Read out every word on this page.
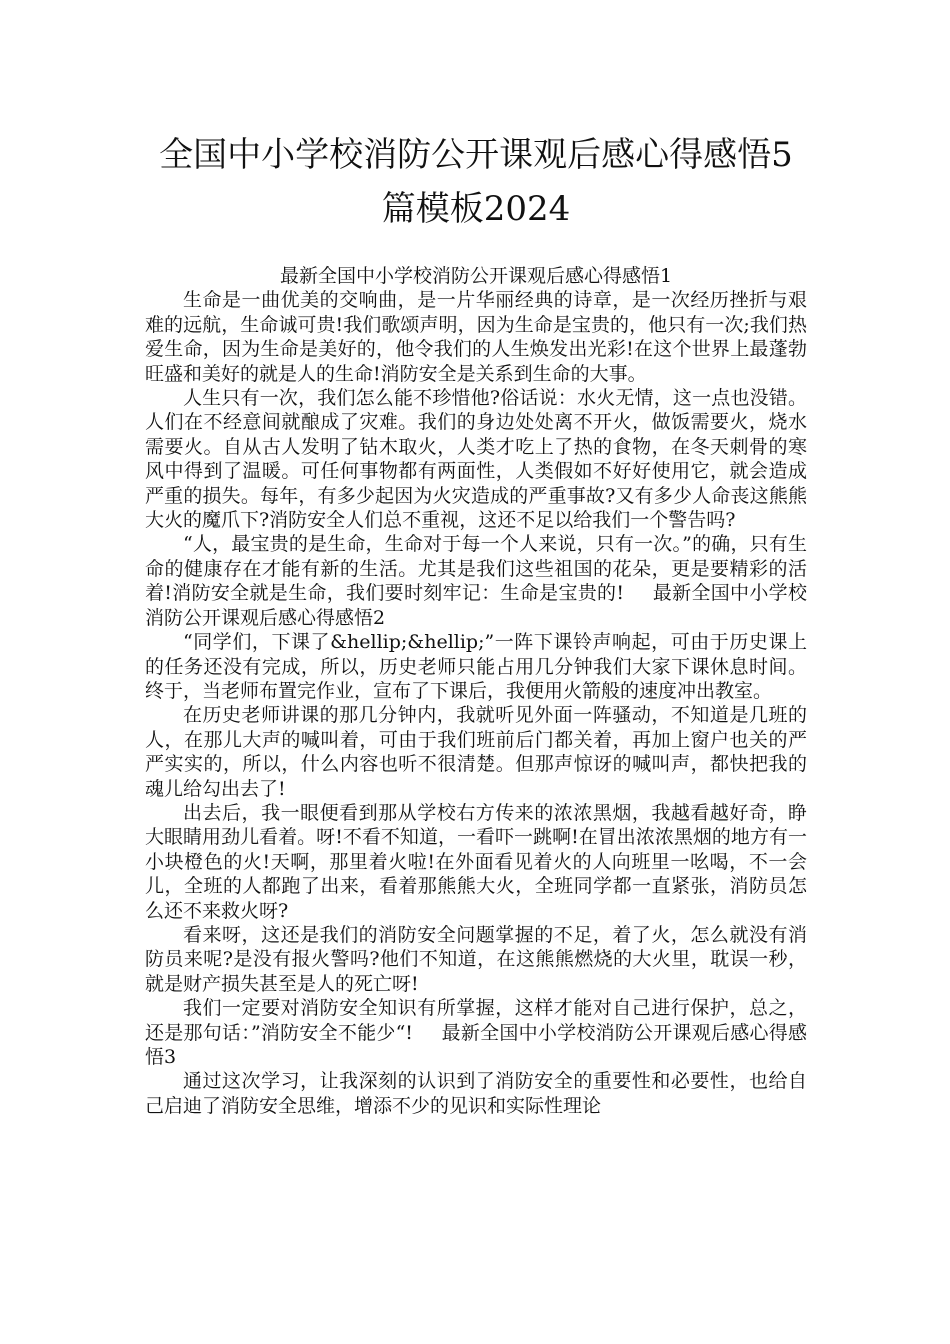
全国中小学校消防公开课观后感心得感悟5篇模板2024

最新全国中小学校消防公开课观后感心得感悟1

生命是一曲优美的交响曲，是一片华丽经典的诗章，是一次经历挫折与艰难的远航，生命诚可贵!我们歌颂声明，因为生命是宝贵的，他只有一次;我们热爱生命，因为生命是美好的，他令我们的人生焕发出光彩!在这个世界上最蓬勃旺盛和美好的就是人的生命!消防安全是关系到生命的大事。

人生只有一次，我们怎么能不珍惜他?俗话说：水火无情，这一点也没错。人们在不经意间就酿成了灾难。我们的身边处处离不开火，做饭需要火，烧水需要火。自从古人发明了钻木取火，人类才吃上了热的食物，在冬天刺骨的寒风中得到了温暖。可任何事物都有两面性，人类假如不好好使用它，就会造成严重的损失。每年，有多少起因为火灾造成的严重事故?又有多少人命丧这熊熊大火的魔爪下?消防安全人们总不重视，这还不足以给我们一个警告吗?

“人，最宝贵的是生命，生命对于每一个人来说，只有一次。”的确，只有生命的健康存在才能有新的生活。尤其是我们这些祖国的花朵，更是要精彩的活着!消防安全就是生命，我们要时刻牢记：生命是宝贵的! 最新全国中小学校消防公开课观后感心得感悟2

“同学们，下课了&hellip;&hellip;”一阵下课铃声响起，可由于历史课上的任务还没有完成，所以，历史老师只能占用几分钟我们大家下课休息时间。终于，当老师布置完作业，宣布了下课后，我便用火箭般的速度冲出教室。

在历史老师讲课的那几分钟内，我就听见外面一阵骚动，不知道是几班的人，在那儿大声的喊叫着，可由于我们班前后门都关着，再加上窗户也关的严严实实的，所以，什么内容也听不很清楚。但那声惊讶的喊叫声，都快把我的魂儿给勾出去了!

出去后，我一眼便看到那从学校右方传来的浓浓黑烟，我越看越好奇，睁大眼睛用劲儿看着。呀!不看不知道，一看吓一跳啊!在冒出浓浓黑烟的地方有一小块橙色的火!天啊，那里着火啦!在外面看见着火的人向班里一吆喝，不一会儿，全班的人都跑了出来，看着那熊熊大火，全班同学都一直紧张，消防员怎么还不来救火呀?

看来呀，这还是我们的消防安全问题掌握的不足，着了火，怎么就没有消防员来呢?是没有报火警吗?他们不知道，在这熊熊燃烧的大火里，耽误一秒，就是财产损失甚至是人的死亡呀!

我们一定要对消防安全知识有所掌握，这样才能对自己进行保护，总之，还是那句话：”消防安全不能少“! 最新全国中小学校消防公开课观后感心得感悟3

通过这次学习，让我深刻的认识到了消防安全的重要性和必要性，也给自己启迪了消防安全思维，增添不少的见识和实际性理论
